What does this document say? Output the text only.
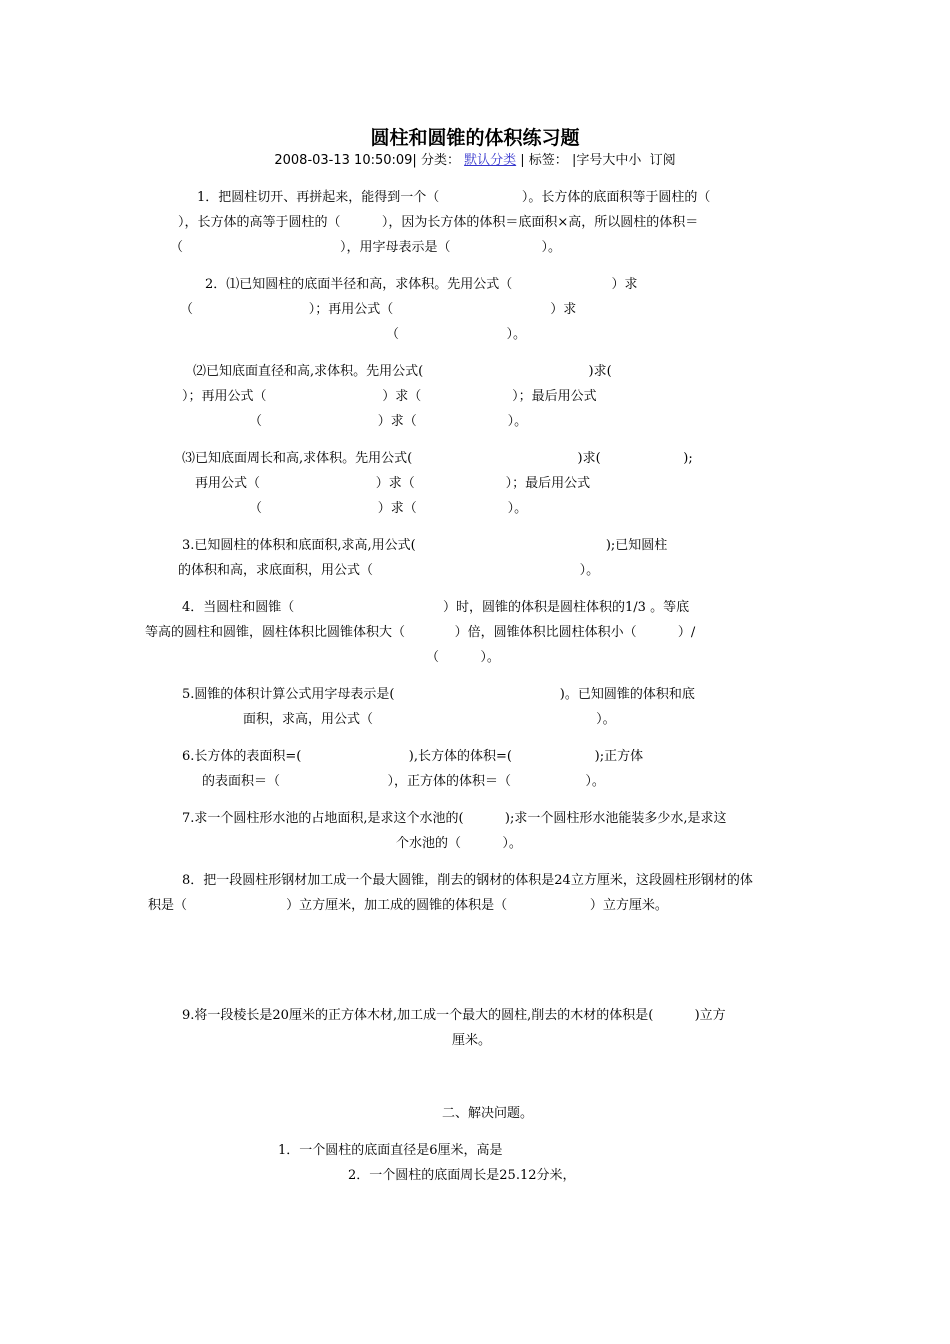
圆柱和圆锥的体积练习题
2008-03-13 10:50:09| 分类： 默认分类 | 标签： |字号大中小 订阅
1．把圆柱切开、再拼起来，能得到一个（                    ）。长方体的底面积等于圆柱的（
），长方体的高等于圆柱的（          ），因为长方体的体积＝底面积×高，所以圆柱的体积＝
（                                      ），用字母表示是（                      ）。
2．⑴已知圆柱的底面半径和高，求体积。先用公式（                        ）求
（                            ）；再用公式（                                      ）求
（                          ）。
⑵已知底面直径和高,求体积。先用公式(                                        )求(
）；再用公式（                            ）求（                      ）；最后用公式
（                            ）求（                      ）。
⑶已知底面周长和高,求体积。先用公式(                                        )求(                    );
再用公式（                            ）求（                      ）；最后用公式
（                            ）求（                      ）。
3.已知圆柱的体积和底面积,求高,用公式(                                              );已知圆柱
的体积和高，求底面积，用公式（                                                  ）。
4．当圆柱和圆锥（                                    ）时，圆锥的体积是圆柱体积的1/3 。等底
等高的圆柱和圆锥，圆柱体积比圆锥体积大（            ）倍，圆锥体积比圆柱体积小（          ）/
（          ）。
5.圆锥的体积计算公式用字母表示是(                                        )。已知圆锥的体积和底
面积，求高，用公式（                                                      ）。
6.长方体的表面积=(                          ),长方体的体积=(                    );正方体
的表面积＝（                          ），正方体的体积＝（                  ）。
7.求一个圆柱形水池的占地面积,是求这个水池的(          );求一个圆柱形水池能装多少水,是求这
个水池的（          ）。
8．把一段圆柱形钢材加工成一个最大圆锥，削去的钢材的体积是24立方厘米，这段圆柱形钢材的体
积是（                        ）立方厘米，加工成的圆锥的体积是（                    ）立方厘米。
9.将一段棱长是20厘米的正方体木材,加工成一个最大的圆柱,削去的木材的体积是(          )立方
厘米。
二、解决问题。
1．一个圆柱的底面直径是6厘米，高是
2．一个圆柱的底面周长是25.12分米，
